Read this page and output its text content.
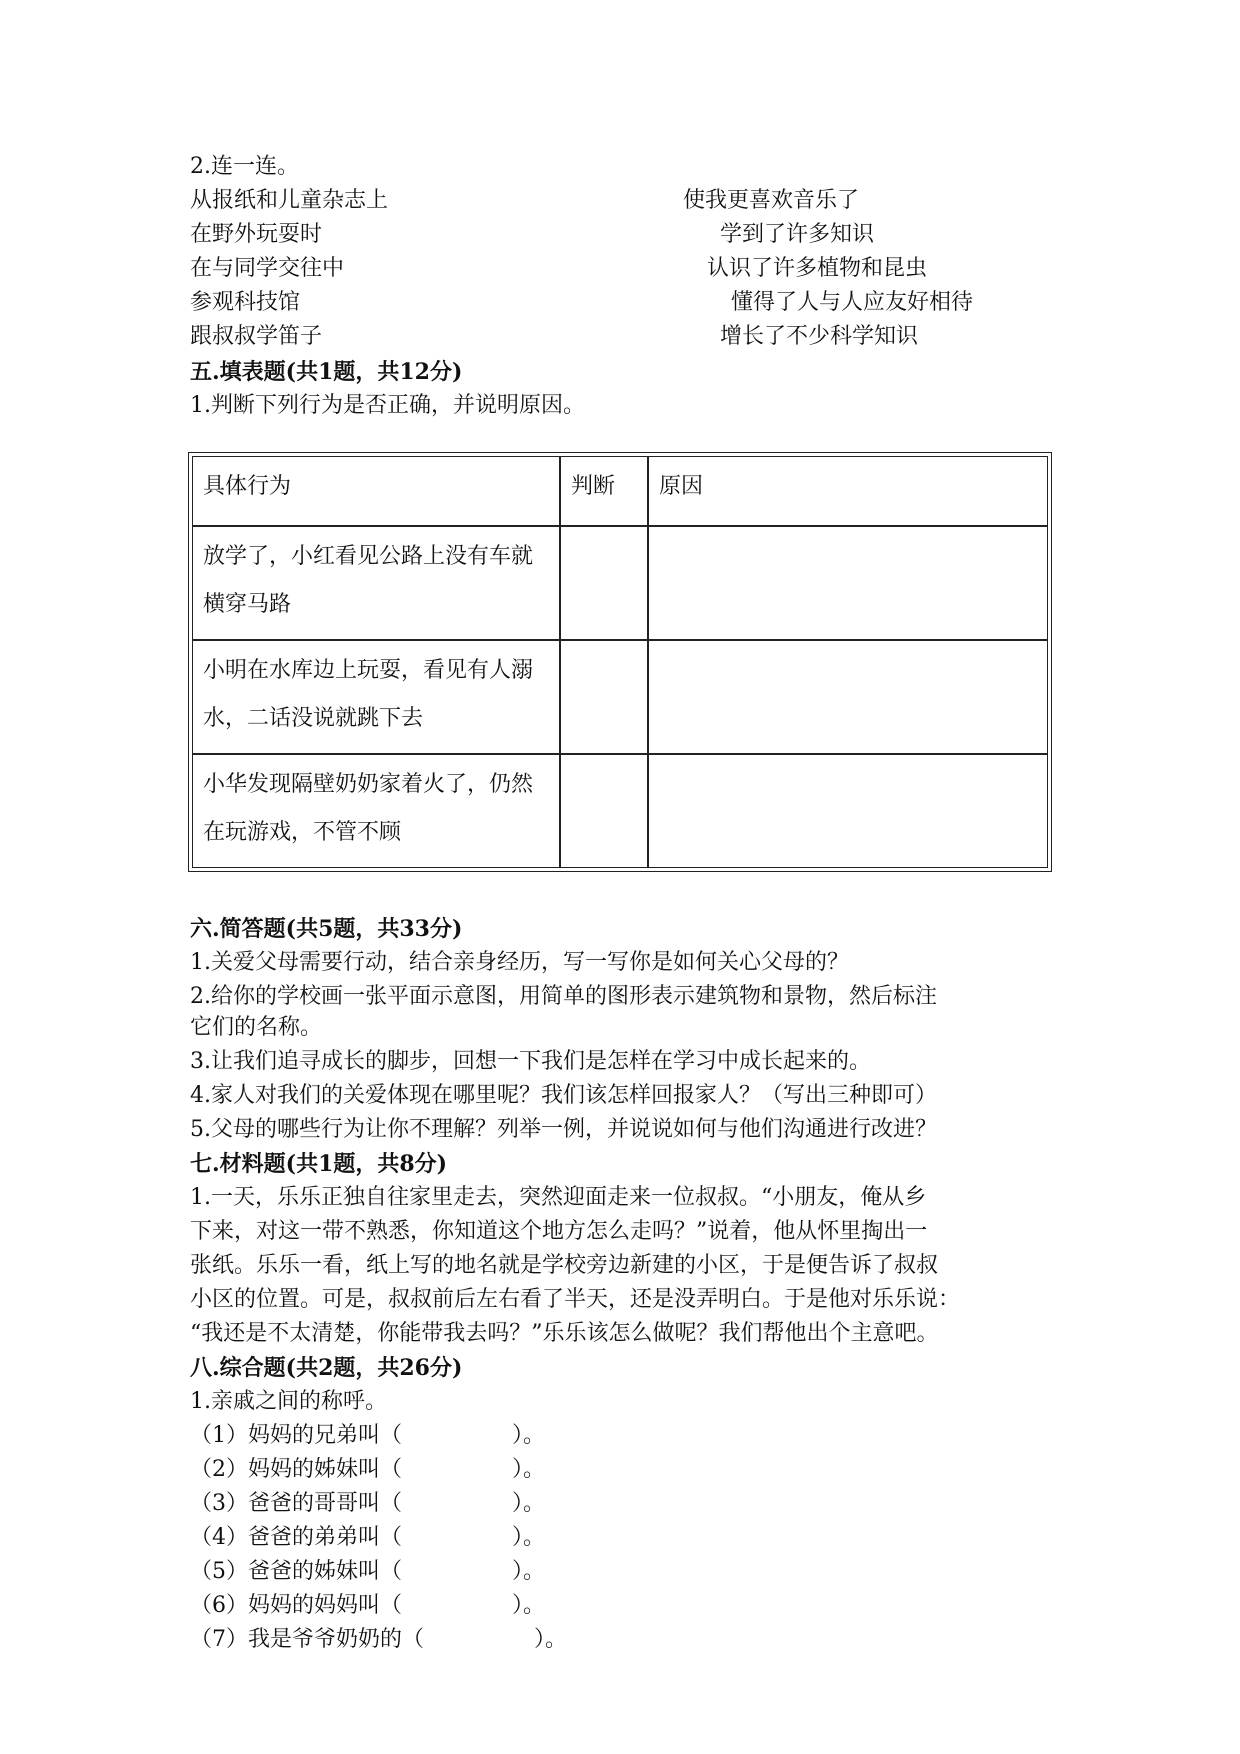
2.连一连。
从报纸和儿童杂志上
在野外玩耍时
在与同学交往中
参观科技馆
跟叔叔学笛子
使我更喜欢音乐了
学到了许多知识
认识了许多植物和昆虫
懂得了人与人应友好相待
增长了不少科学知识
五.填表题(共1题，共12分)
1.判断下列行为是否正确，并说明原因。
具体行为	判断	原因
放学了，小红看见公路上没有车就横穿马路		
小明在水库边上玩耍，看见有人溺水，二话没说就跳下去		
小华发现隔壁奶奶家着火了，仍然在玩游戏，不管不顾		
六.简答题(共5题，共33分)
1.关爱父母需要行动，结合亲身经历，写一写你是如何关心父母的？
2.给你的学校画一张平面示意图，用简单的图形表示建筑物和景物，然后标注
它们的名称。
3.让我们追寻成长的脚步，回想一下我们是怎样在学习中成长起来的。
4.家人对我们的关爱体现在哪里呢？我们该怎样回报家人？（写出三种即可）
5.父母的哪些行为让你不理解？列举一例，并说说如何与他们沟通进行改进？
七.材料题(共1题，共8分)
1.一天，乐乐正独自往家里走去，突然迎面走来一位叔叔。“小朋友，俺从乡
下来，对这一带不熟悉，你知道这个地方怎么走吗？”说着，他从怀里掏出一
张纸。乐乐一看，纸上写的地名就是学校旁边新建的小区，于是便告诉了叔叔
小区的位置。可是，叔叔前后左右看了半天，还是没弄明白。于是他对乐乐说：
“我还是不太清楚，你能带我去吗？”乐乐该怎么做呢？我们帮他出个主意吧。
八.综合题(共2题，共26分)
1.亲戚之间的称呼。
（1）妈妈的兄弟叫（	）。
（2）妈妈的姊妹叫（	）。
（3）爸爸的哥哥叫（	）。
（4）爸爸的弟弟叫（	）。
（5）爸爸的姊妹叫（	）。
（6）妈妈的妈妈叫（	）。
（7）我是爷爷奶奶的（	）。
